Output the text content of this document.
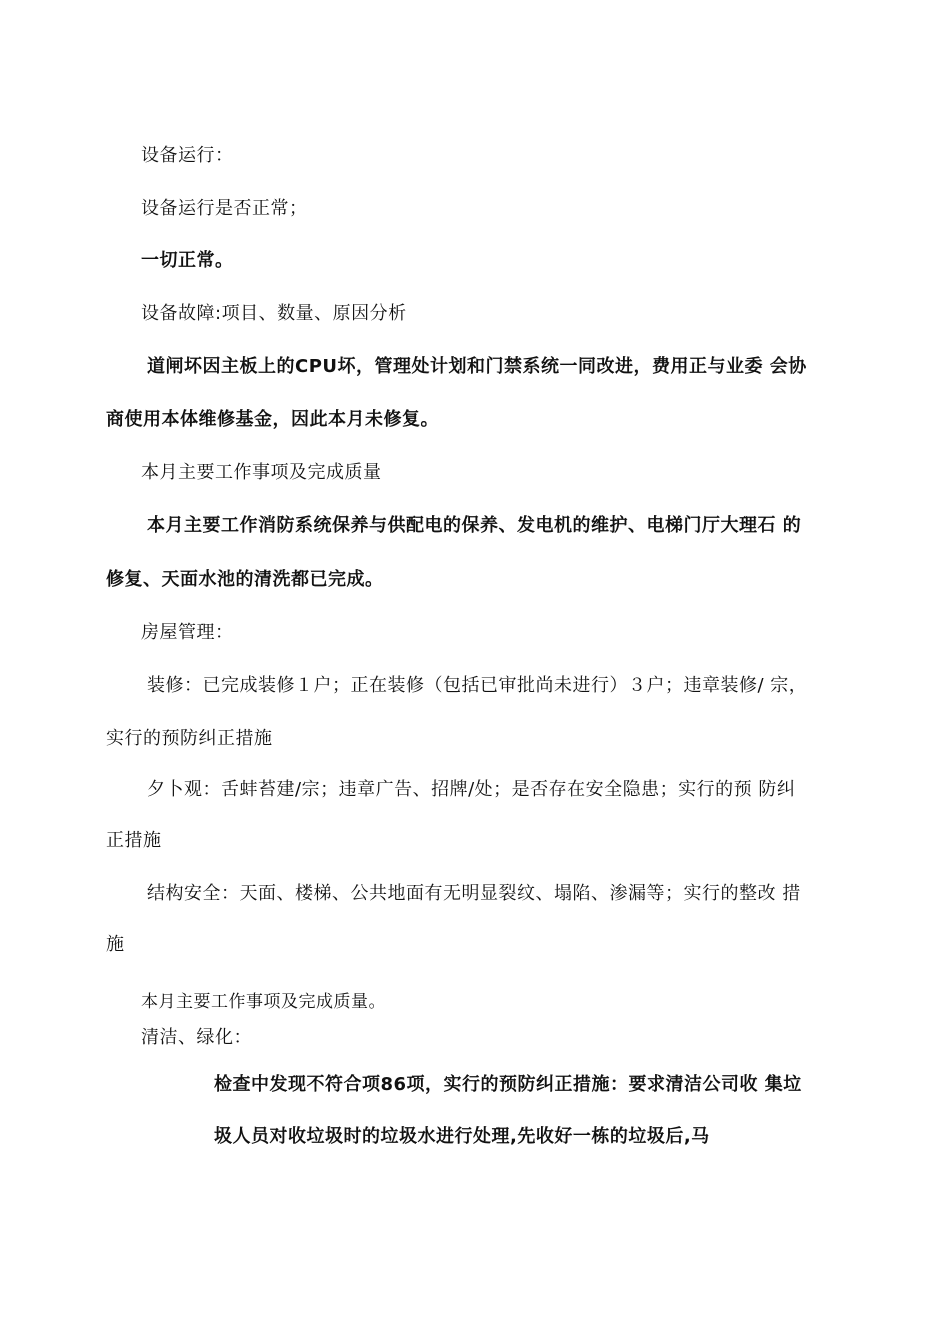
设备运行：
设备运行是否正常；
一切正常。
设备故障:项目、数量、原因分析
道闸坏因主板上的CPU坏，管理处计划和门禁系统一同改进，费用正与业委 会协
商使用本体维修基金，因此本月未修复。
本月主要工作事项及完成质量
本月主要工作消防系统保养与供配电的保养、发电机的维护、电梯门厅大理石 的
修复、天面水池的清洗都已完成。
房屋管理：
装修：已完成装修１户；正在装修（包括已审批尚未进行）３户；违章装修/ 宗，
实行的预防纠正措施
夕卜观：舌蚌苔建/宗；违章广告、招牌/处；是否存在安全隐患；实行的预 防纠
正措施
结构安全：天面、楼梯、公共地面有无明显裂纹、塌陷、渗漏等；实行的整改 措
施
本月主要工作事项及完成质量。
清洁、绿化：
检查中发现不符合项86项，实行的预防纠正措施：要求清洁公司收 集垃
圾人员对收垃圾时的垃圾水进行处理,先收好一栋的垃圾后,马
